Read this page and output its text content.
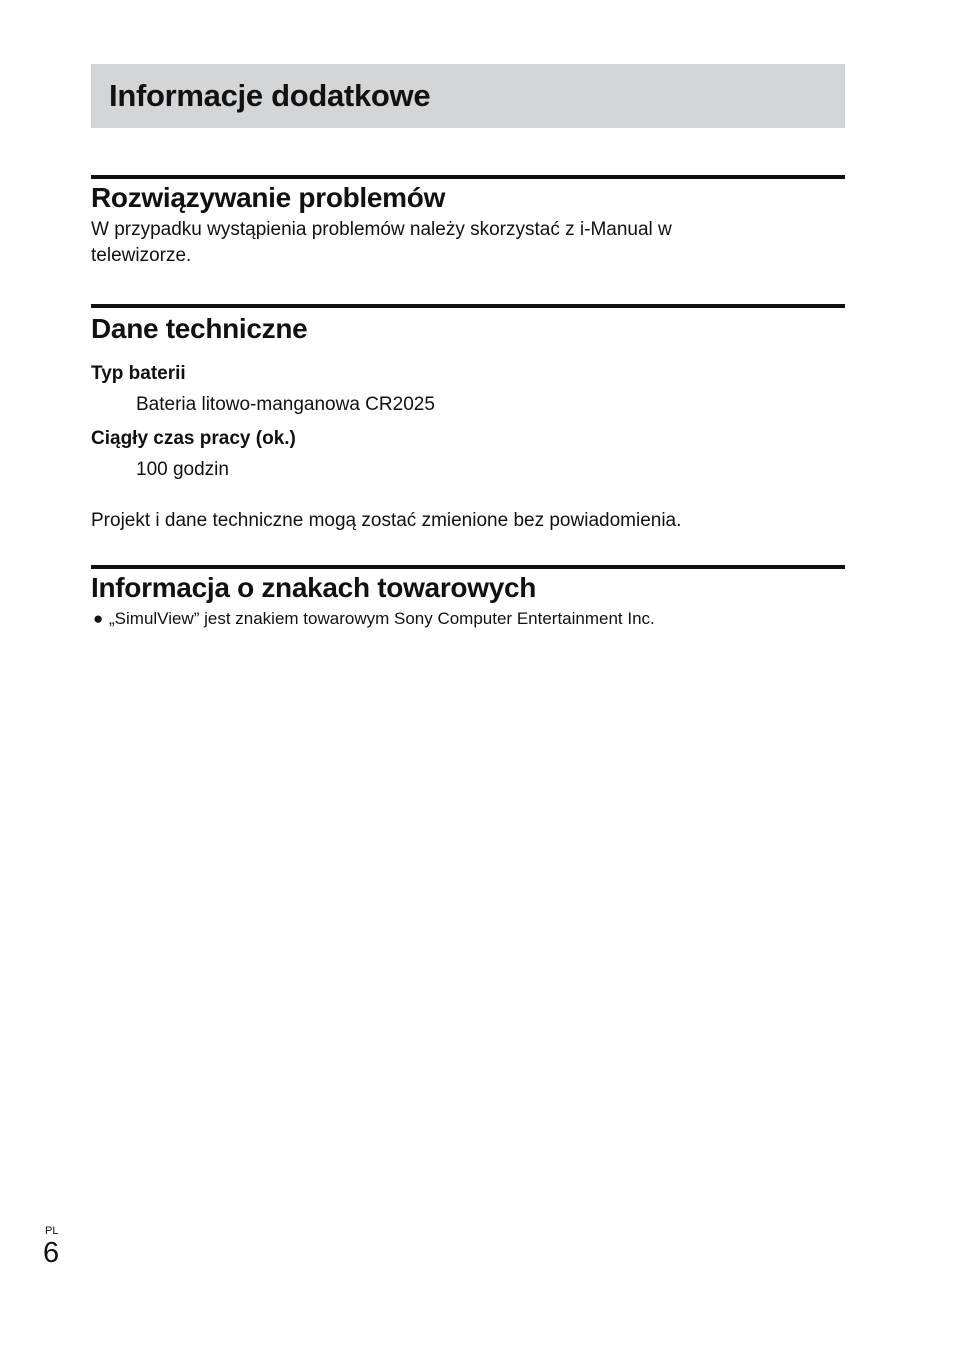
Informacje dodatkowe
Rozwiązywanie problemów

W przypadku wystąpienia problemów należy skorzystać z i-Manual w telewizorze.

Dane techniczne

Typ baterii

Bateria litowo-manganowa CR2025

Ciągły czas pracy (ok.)

100 godzin

Projekt i dane techniczne mogą zostać zmienione bez powiadomienia.

Informacja o znakach towarowych
● „SimulView” jest znakiem towarowym Sony Computer Entertainment Inc.
PL
6
